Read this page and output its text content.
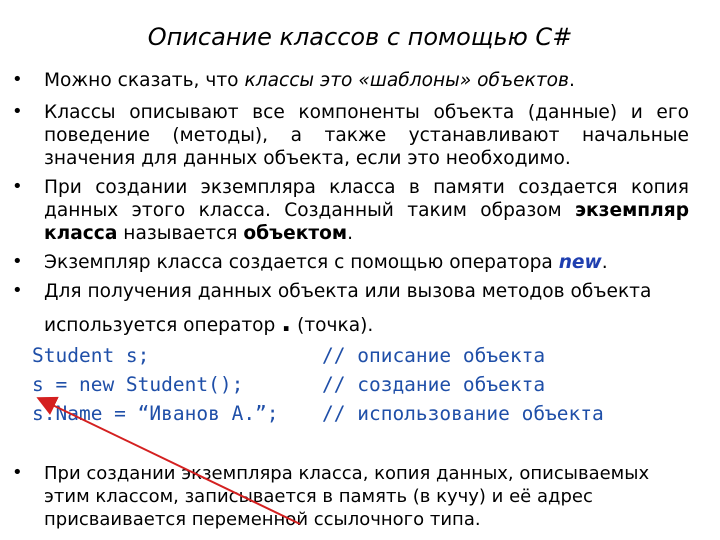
Описание классов с помощью C#
• Можно сказать, что классы это «шаблоны» объектов.
• Классы описывают все компоненты объекта (данные) и его
поведение (методы), а также устанавливают начальные
значения для данных объекта, если это необходимо.
• При создании экземпляра класса в памяти создается копия
данных этого класса. Созданный таким образом экземпляр
класса называется объектом.
• Экземпляр класса создается с помощью оператора new.
• Для получения данных объекта или вызова методов объекта
используется оператор . (точка).
Student s;	// описание объекта
s = new Student();	// создание объекта
s.Name = “Иванов А.”; // использование объекта
• При создании экземпляра класса, копия данных, описываемых
этим классом, записывается в память (в кучу) и её адрес
присваивается переменной ссылочного типа.
